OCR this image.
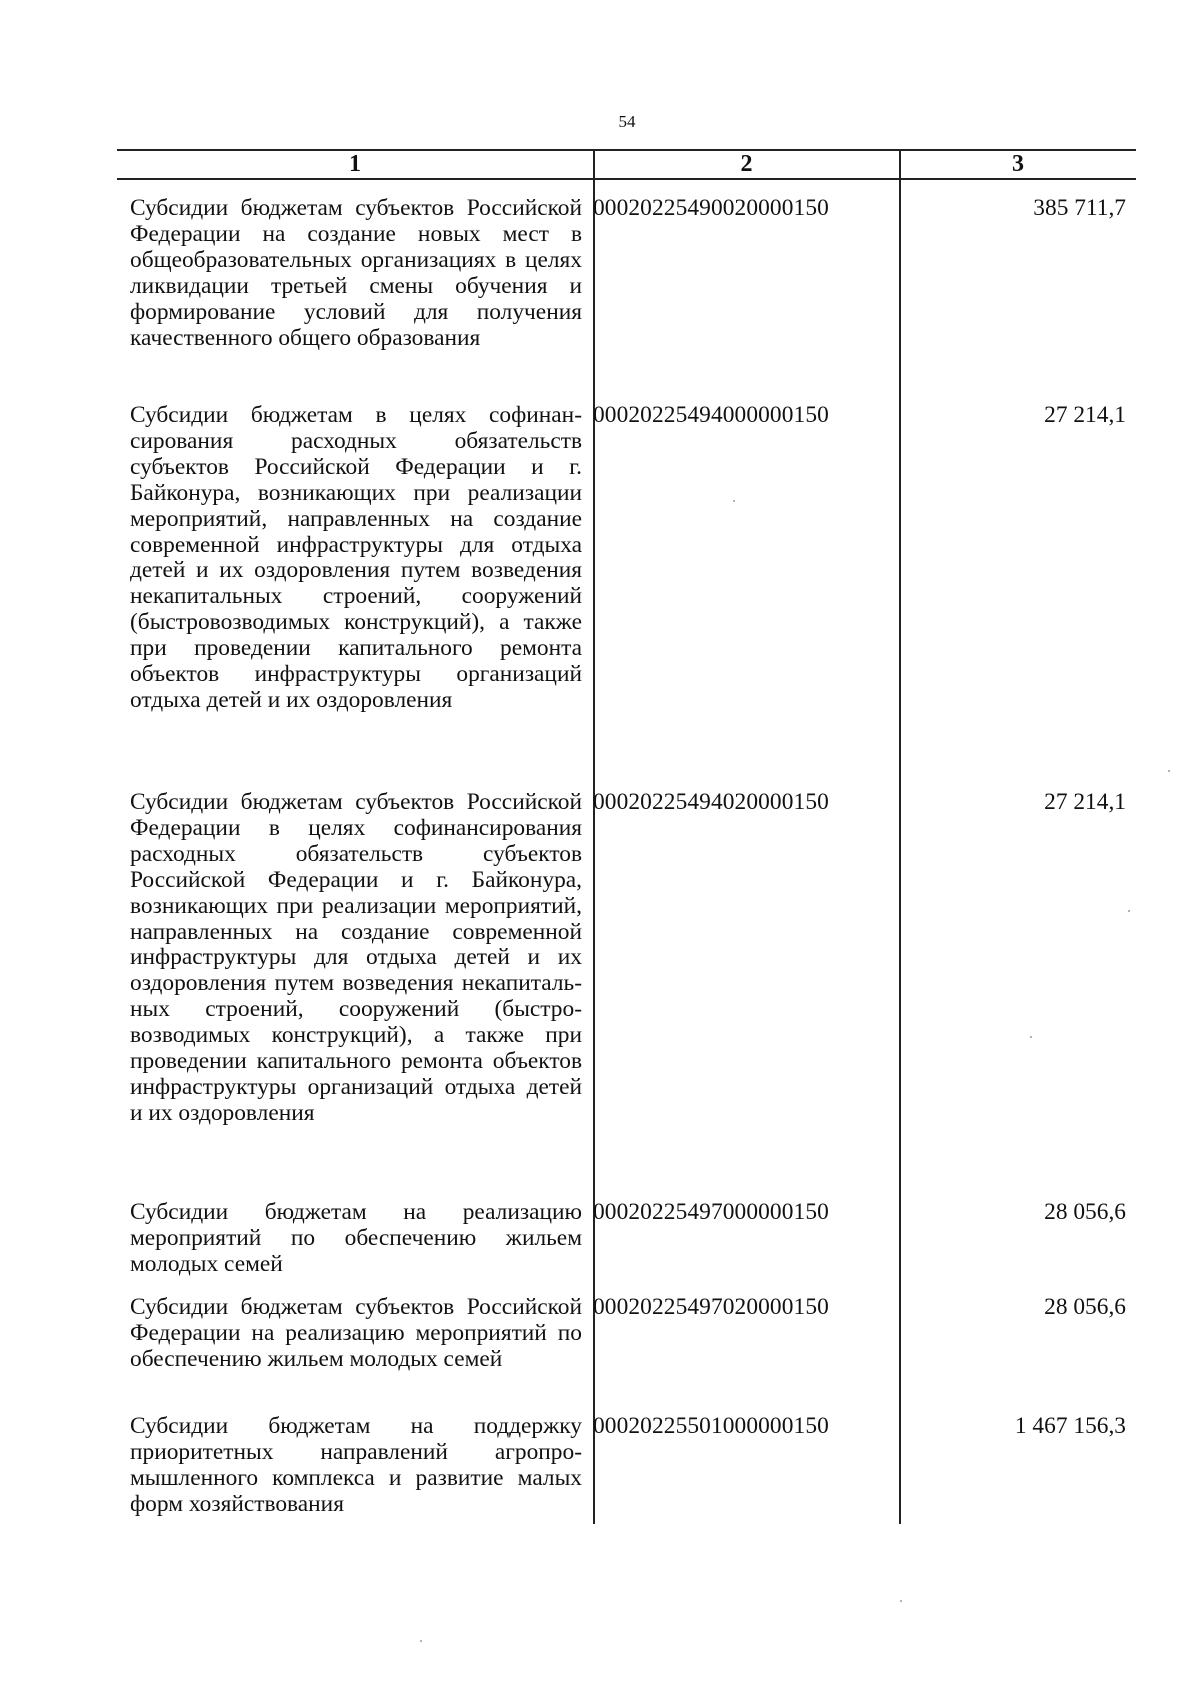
54
1	2	3
Субсидии бюджетам субъектов Российской Федерации на создание новых мест в общеобразовательных организациях в целях ликвидации третьей смены обучения и формирование условий для получения качественного общего образования
00020225490020000150	385 711,7
Субсидии бюджетам в целях софинансирования расходных обязательств субъектов Российской Федерации и г. Байконура, возникающих при реализации мероприятий, направленных на создание современной инфраструктуры для отдыха детей и их оздоровления путем возведения некапитальных строений, сооружений (быстровозводимых конструкций), а также при проведении капитального ремонта объектов инфраструктуры организаций отдыха детей и их оздоровления
00020225494000000150	27 214,1
Субсидии бюджетам субъектов Российской Федерации в целях софинансирования расходных обязательств субъектов Российской Федерации и г. Байконура, возникающих при реализации мероприятий, направленных на создание современной инфраструктуры для отдыха детей и их оздоровления путем возведения некапитальных строений, сооружений (быстровозводимых конструкций), а также при проведении капитального ремонта объектов инфраструктуры организаций отдыха детей и их оздоровления
00020225494020000150	27 214,1
Субсидии бюджетам на реализацию мероприятий по обеспечению жильем молодых семей
00020225497000000150	28 056,6
Субсидии бюджетам субъектов Российской Федерации на реализацию мероприятий по обеспечению жильем молодых семей
00020225497020000150	28 056,6
Субсидии бюджетам на поддержку приоритетных направлений агропромышленного комплекса и развитие малых форм хозяйствования
00020225501000000150	1 467 156,3
